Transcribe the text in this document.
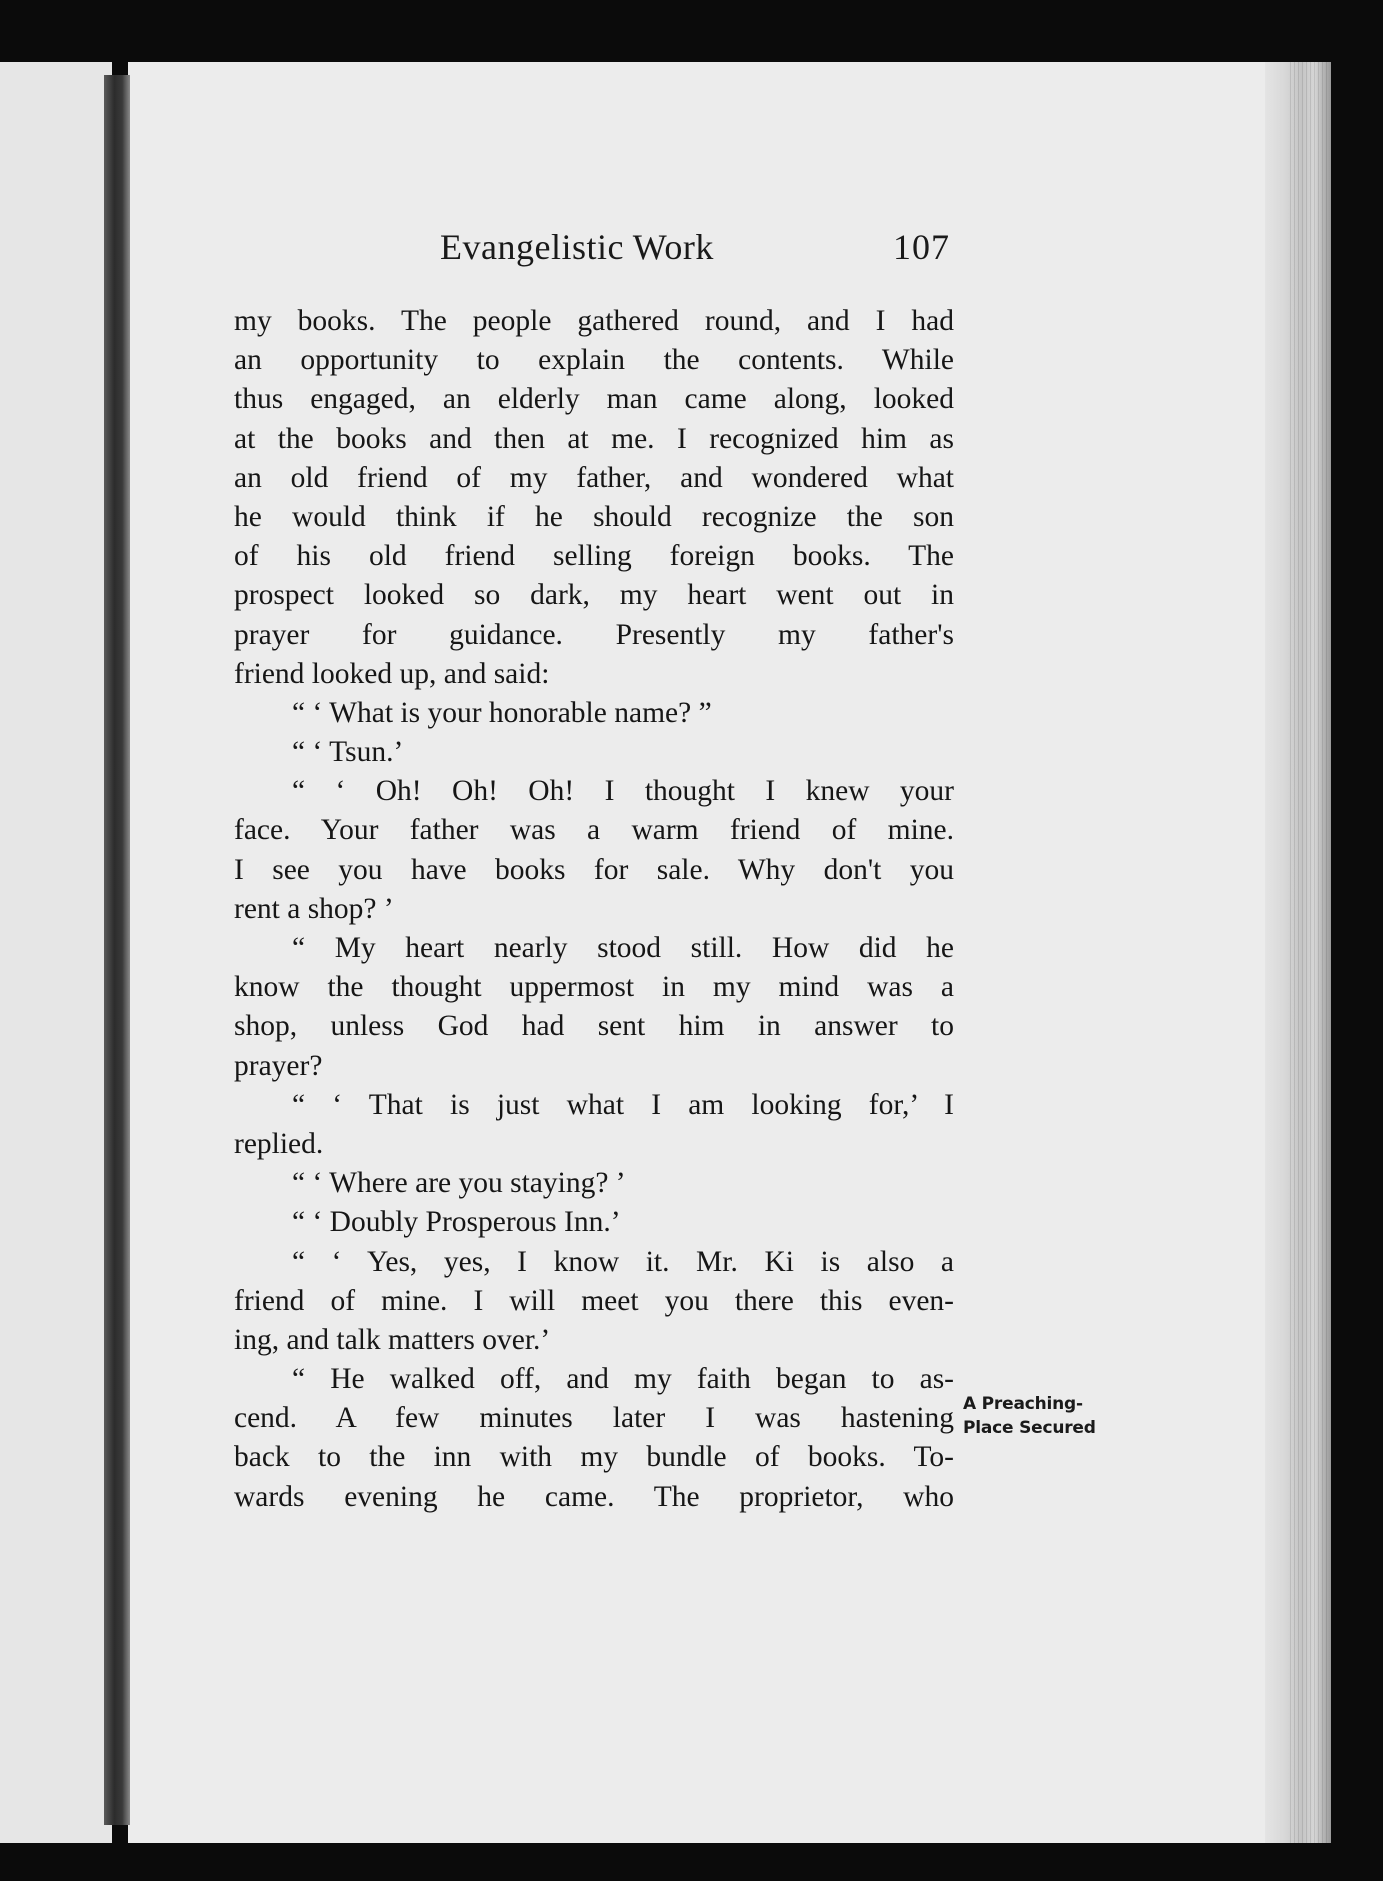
Evangelistic Work	107
my books. The people gathered round, and I had
an opportunity to explain the contents. While
thus engaged, an elderly man came along, looked
at the books and then at me. I recognized him as
an old friend of my father, and wondered what
he would think if he should recognize the son
of his old friend selling foreign books. The
prospect looked so dark, my heart went out in
prayer for guidance. Presently my father's
friend looked up, and said:
“ ‘ What is your honorable name? ”
“ ‘ Tsun.’
“ ‘ Oh! Oh! Oh! I thought I knew your
face. Your father was a warm friend of mine.
I see you have books for sale. Why don't you
rent a shop? ’
“ My heart nearly stood still. How did he
know the thought uppermost in my mind was a
shop, unless God had sent him in answer to
prayer?
“ ‘ That is just what I am looking for,’ I
replied.
“ ‘ Where are you staying? ’
“ ‘ Doubly Prosperous Inn.’
“ ‘ Yes, yes, I know it. Mr. Ki is also a
friend of mine. I will meet you there this even-
ing, and talk matters over.’
“ He walked off, and my faith began to as-
cend. A few minutes later I was hastening
back to the inn with my bundle of books. To-
wards evening he came. The proprietor, who
A Preaching-
Place Secured
